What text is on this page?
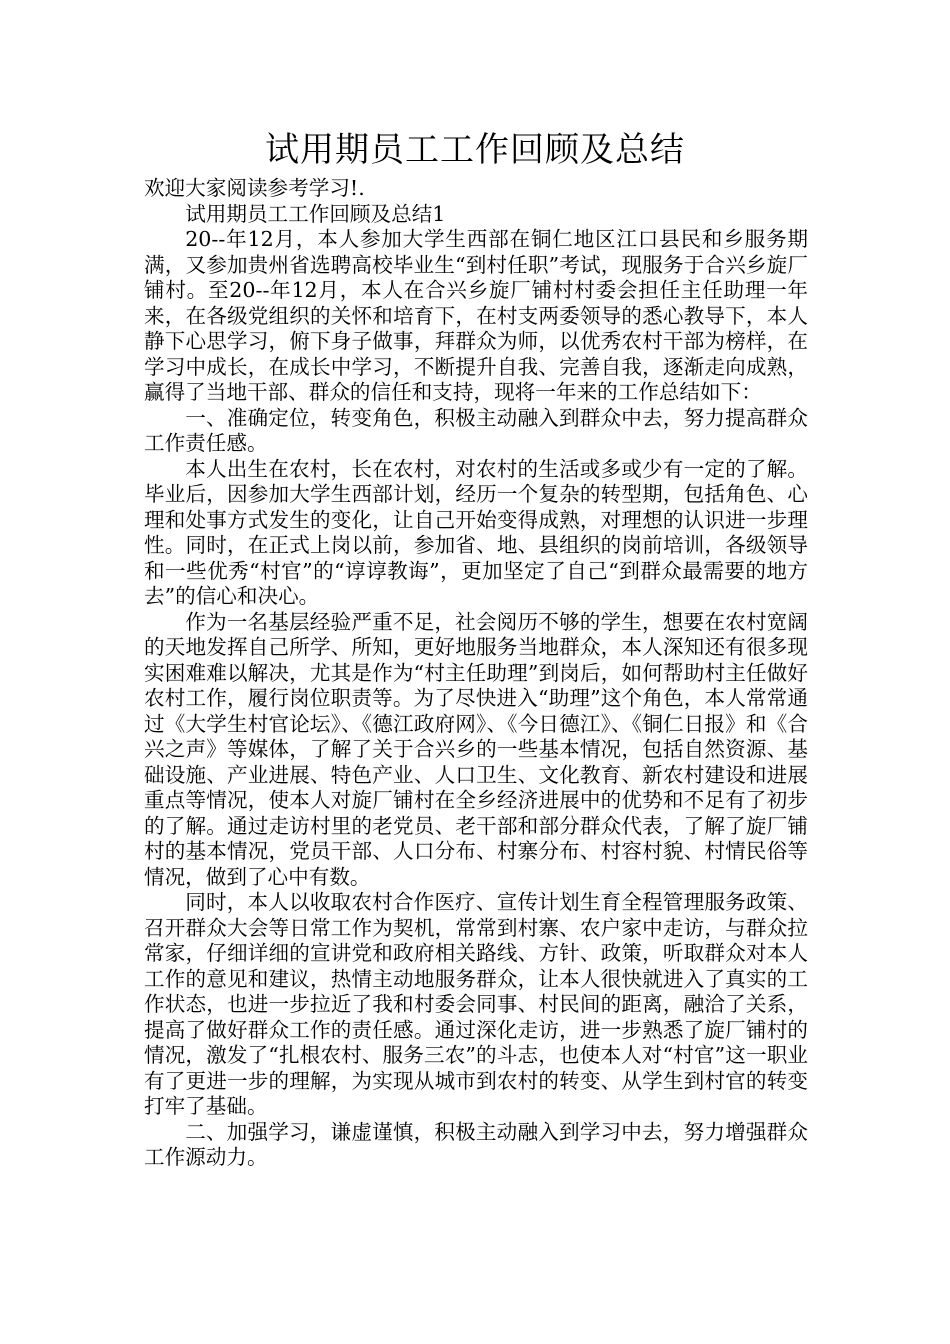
试用期员工工作回顾及总结

欢迎大家阅读参考学习!.

试用期员工工作回顾及总结1

20--年12月，本人参加大学生西部在铜仁地区江口县民和乡服务期满，又参加贵州省选聘高校毕业生“到村任职”考试，现服务于合兴乡旋厂铺村。至20--年12月，本人在合兴乡旋厂铺村村委会担任主任助理一年来，在各级党组织的关怀和培育下，在村支两委领导的悉心教导下，本人静下心思学习，俯下身子做事，拜群众为师，以优秀农村干部为榜样，在学习中成长，在成长中学习，不断提升自我、完善自我，逐渐走向成熟，赢得了当地干部、群众的信任和支持，现将一年来的工作总结如下：

一、准确定位，转变角色，积极主动融入到群众中去，努力提高群众工作责任感。

本人出生在农村，长在农村，对农村的生活或多或少有一定的了解。毕业后，因参加大学生西部计划，经历一个复杂的转型期，包括角色、心理和处事方式发生的变化，让自己开始变得成熟，对理想的认识进一步理性。同时，在正式上岗以前，参加省、地、县组织的岗前培训，各级领导和一些优秀“村官”的“谆谆教诲”，更加坚定了自己“到群众最需要的地方去”的信心和决心。

作为一名基层经验严重不足，社会阅历不够的学生，想要在农村宽阔的天地发挥自己所学、所知，更好地服务当地群众，本人深知还有很多现实困难难以解决，尤其是作为“村主任助理”到岗后，如何帮助村主任做好农村工作，履行岗位职责等。为了尽快进入“助理”这个角色，本人常常通过《大学生村官论坛》、《德江政府网》、《今日德江》、《铜仁日报》和《合兴之声》等媒体，了解了关于合兴乡的一些基本情况，包括自然资源、基础设施、产业进展、特色产业、人口卫生、文化教育、新农村建设和进展重点等情况，使本人对旋厂铺村在全乡经济进展中的优势和不足有了初步的了解。通过走访村里的老党员、老干部和部分群众代表，了解了旋厂铺村的基本情况，党员干部、人口分布、村寨分布、村容村貌、村情民俗等情况，做到了心中有数。

同时，本人以收取农村合作医疗、宣传计划生育全程管理服务政策、召开群众大会等日常工作为契机，常常到村寨、农户家中走访，与群众拉常家，仔细详细的宣讲党和政府相关路线、方针、政策，听取群众对本人工作的意见和建议，热情主动地服务群众，让本人很快就进入了真实的工作状态，也进一步拉近了我和村委会同事、村民间的距离，融洽了关系，提高了做好群众工作的责任感。通过深化走访，进一步熟悉了旋厂铺村的情况，激发了“扎根农村、服务三农”的斗志，也使本人对“村官”这一职业有了更进一步的理解，为实现从城市到农村的转变、从学生到村官的转变打牢了基础。

二、加强学习，谦虚谨慎，积极主动融入到学习中去，努力增强群众工作源动力。
